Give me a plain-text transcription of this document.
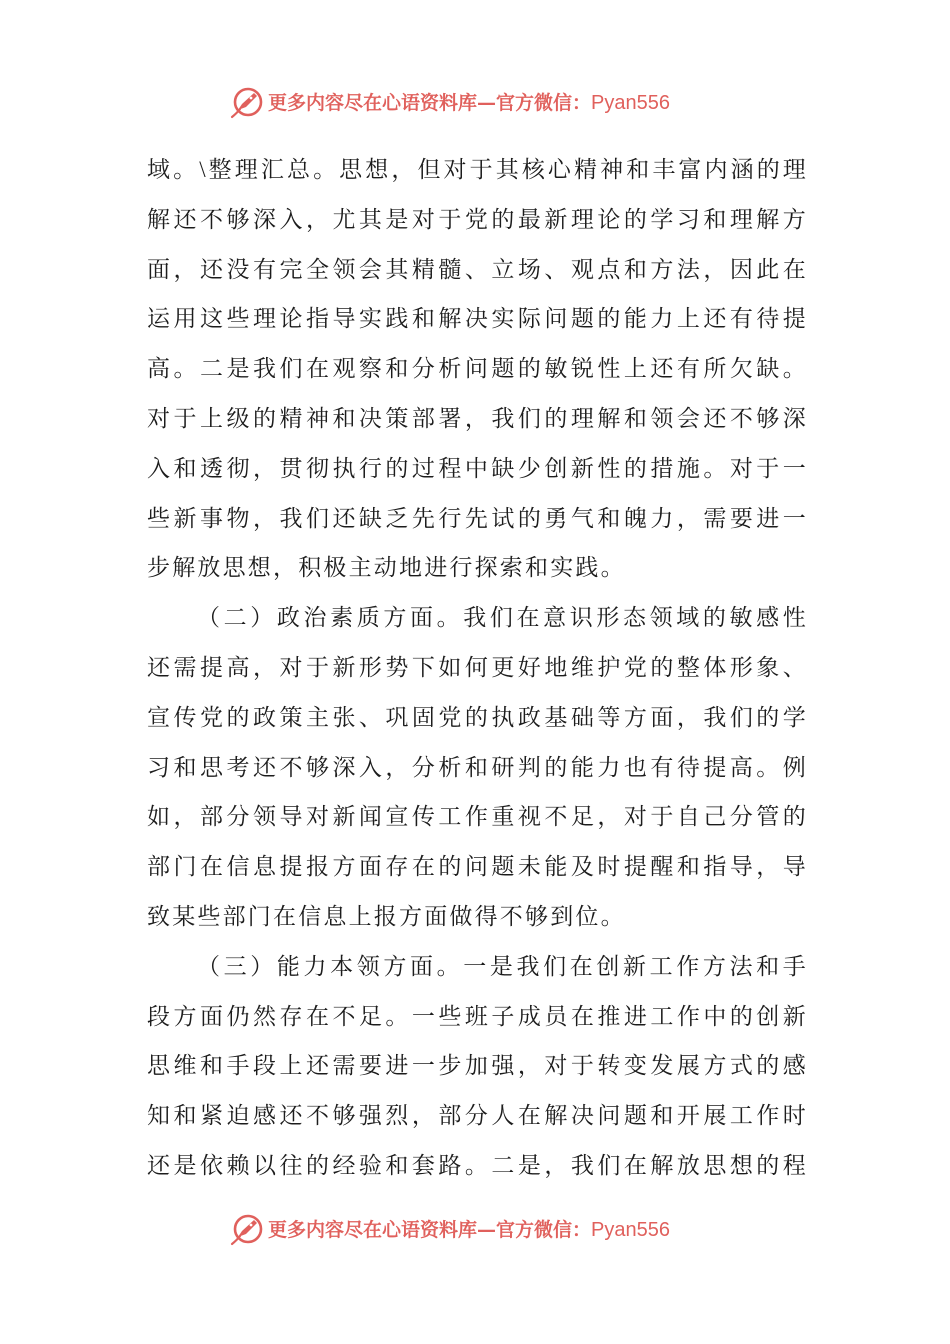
更多内容尽在心语资料库—官方微信：Pyan556
域。\整理汇总。思想，但对于其核心精神和丰富内涵的理
解还不够深入，尤其是对于党的最新理论的学习和理解方
面，还没有完全领会其精髓、立场、观点和方法，因此在
运用这些理论指导实践和解决实际问题的能力上还有待提
高。二是我们在观察和分析问题的敏锐性上还有所欠缺。
对于上级的精神和决策部署，我们的理解和领会还不够深
入和透彻，贯彻执行的过程中缺少创新性的措施。对于一
些新事物，我们还缺乏先行先试的勇气和魄力，需要进一
步解放思想，积极主动地进行探索和实践。
（二）政治素质方面。我们在意识形态领域的敏感性
还需提高，对于新形势下如何更好地维护党的整体形象、
宣传党的政策主张、巩固党的执政基础等方面，我们的学
习和思考还不够深入，分析和研判的能力也有待提高。例
如，部分领导对新闻宣传工作重视不足，对于自己分管的
部门在信息提报方面存在的问题未能及时提醒和指导，导
致某些部门在信息上报方面做得不够到位。
（三）能力本领方面。一是我们在创新工作方法和手
段方面仍然存在不足。一些班子成员在推进工作中的创新
思维和手段上还需要进一步加强，对于转变发展方式的感
知和紧迫感还不够强烈，部分人在解决问题和开展工作时
还是依赖以往的经验和套路。二是，我们在解放思想的程
更多内容尽在心语资料库—官方微信：Pyan556
